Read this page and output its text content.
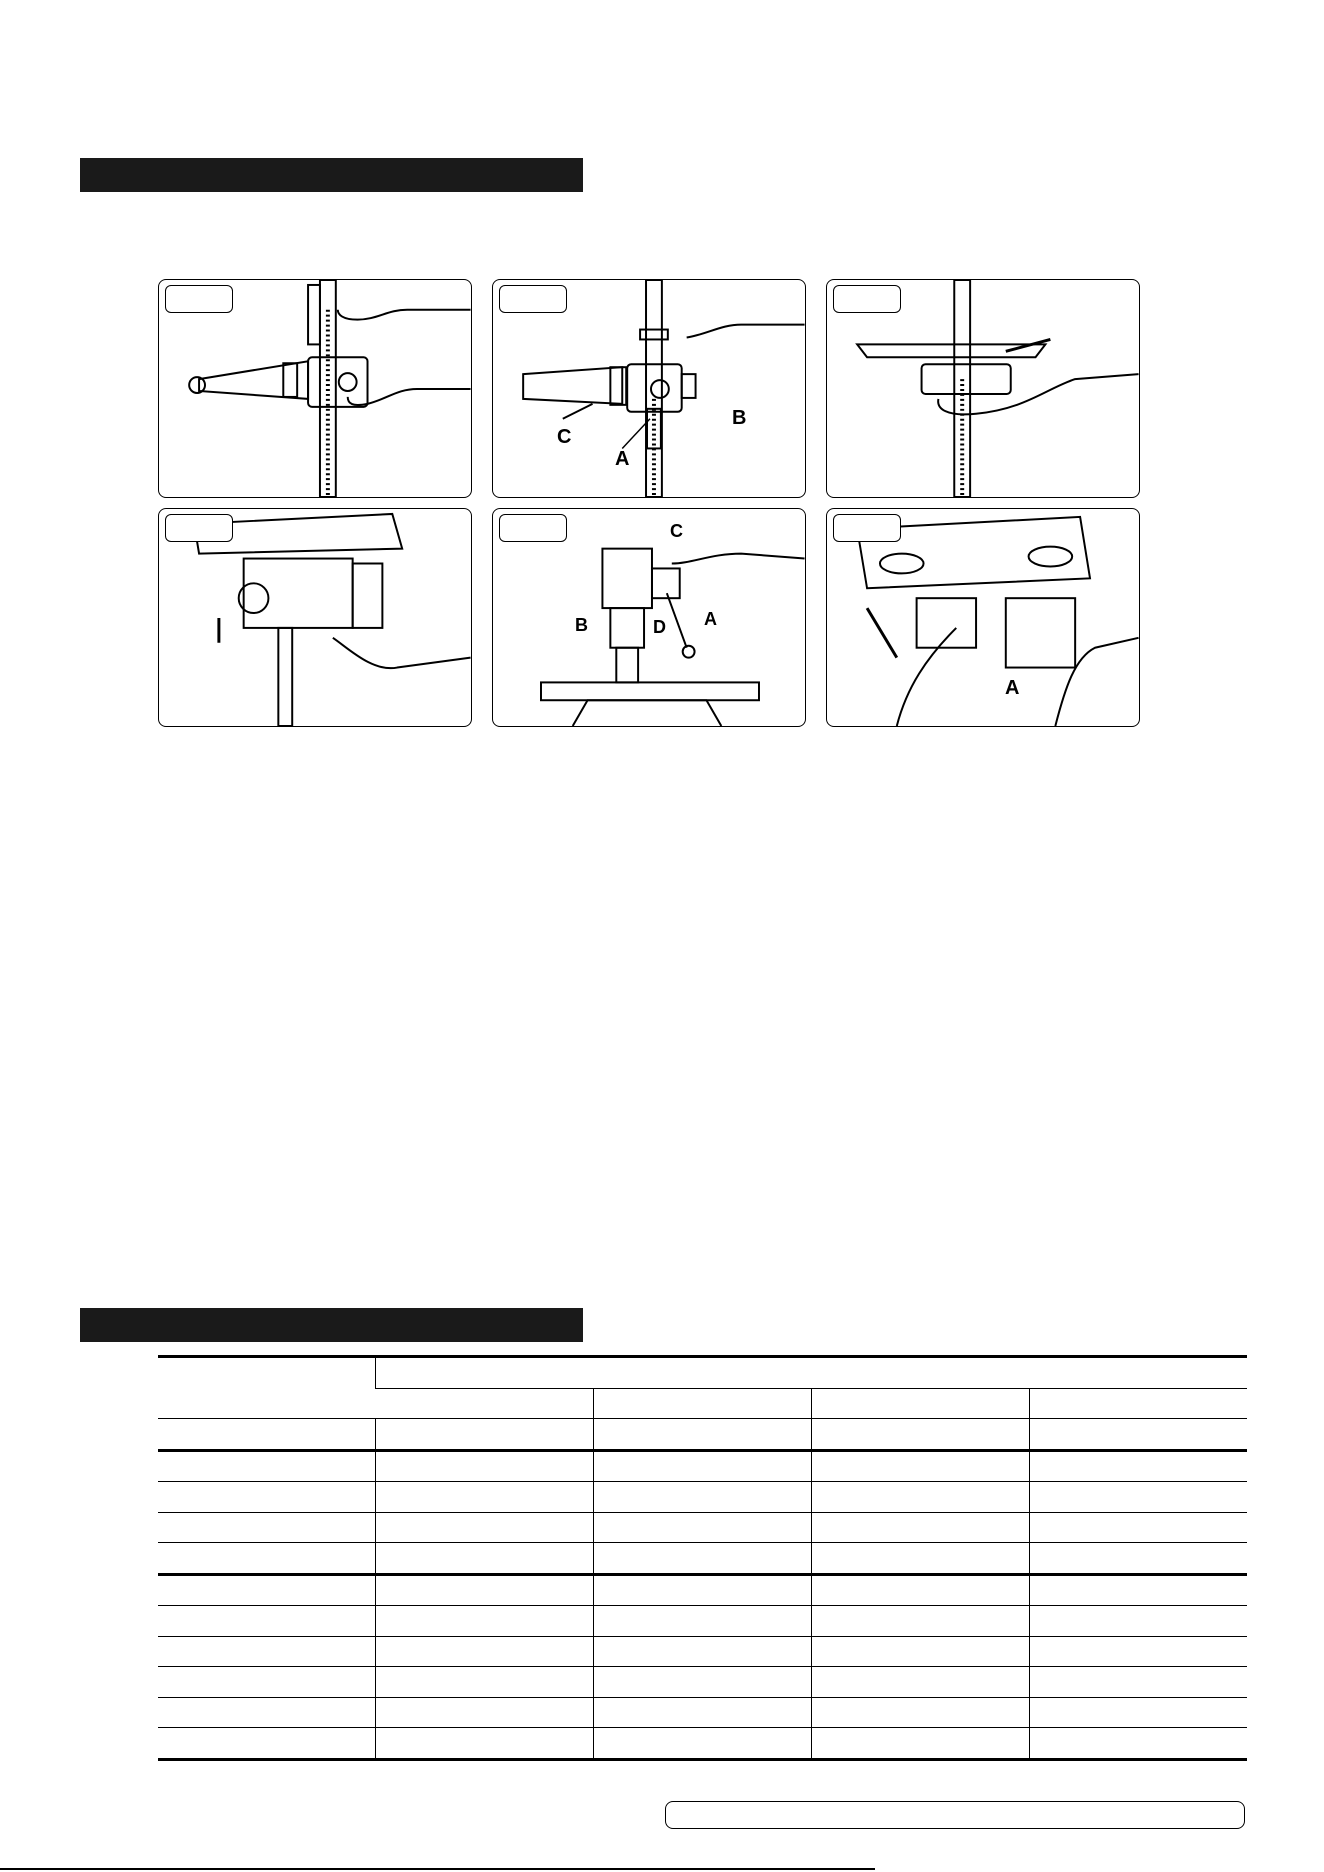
C
A
B
C
B	D A
A
